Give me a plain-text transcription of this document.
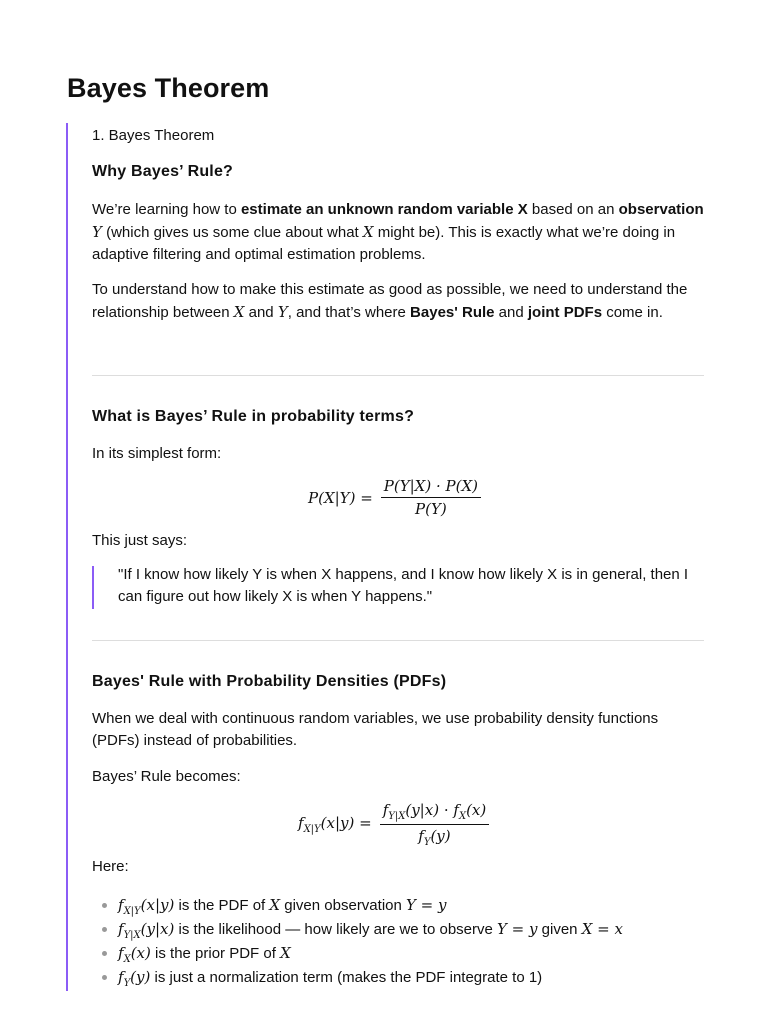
Bayes Theorem
1. Bayes Theorem
Why Bayes’ Rule?

We’re learning how to estimate an unknown random variable X based on an observation Y (which gives us some clue about what X might be). This is exactly what we’re doing in adaptive filtering and optimal estimation problems.

To understand how to make this estimate as good as possible, we need to understand the relationship between X and Y, and that’s where Bayes' Rule and joint PDFs come in.

What is Bayes’ Rule in probability terms?

In its simplest form:

$P(X|Y) = \frac{P(Y|X) \cdot P(X)}{P(Y)}$

This just says:

"If I know how likely Y is when X happens, and I know how likely X is in general, then I can figure out how likely X is when Y happens."
Bayes' Rule with Probability Densities (PDFs)

When we deal with continuous random variables, we use probability density functions (PDFs) instead of probabilities.

Bayes’ Rule becomes:

$f_{X|Y}(x|y) = \frac{f_{Y|X}(y|x) \cdot f_X(x)}{f_Y(y)}$

Here:

$f_{X|Y}(x|y)$ is the PDF of X given observation Y = y
$f_{Y|X}(y|x)$ is the likelihood — how likely are we to observe Y = y given X = x
$f_X(x)$ is the prior PDF of X
$f_Y(y)$ is just a normalization term (makes the PDF integrate to 1)
